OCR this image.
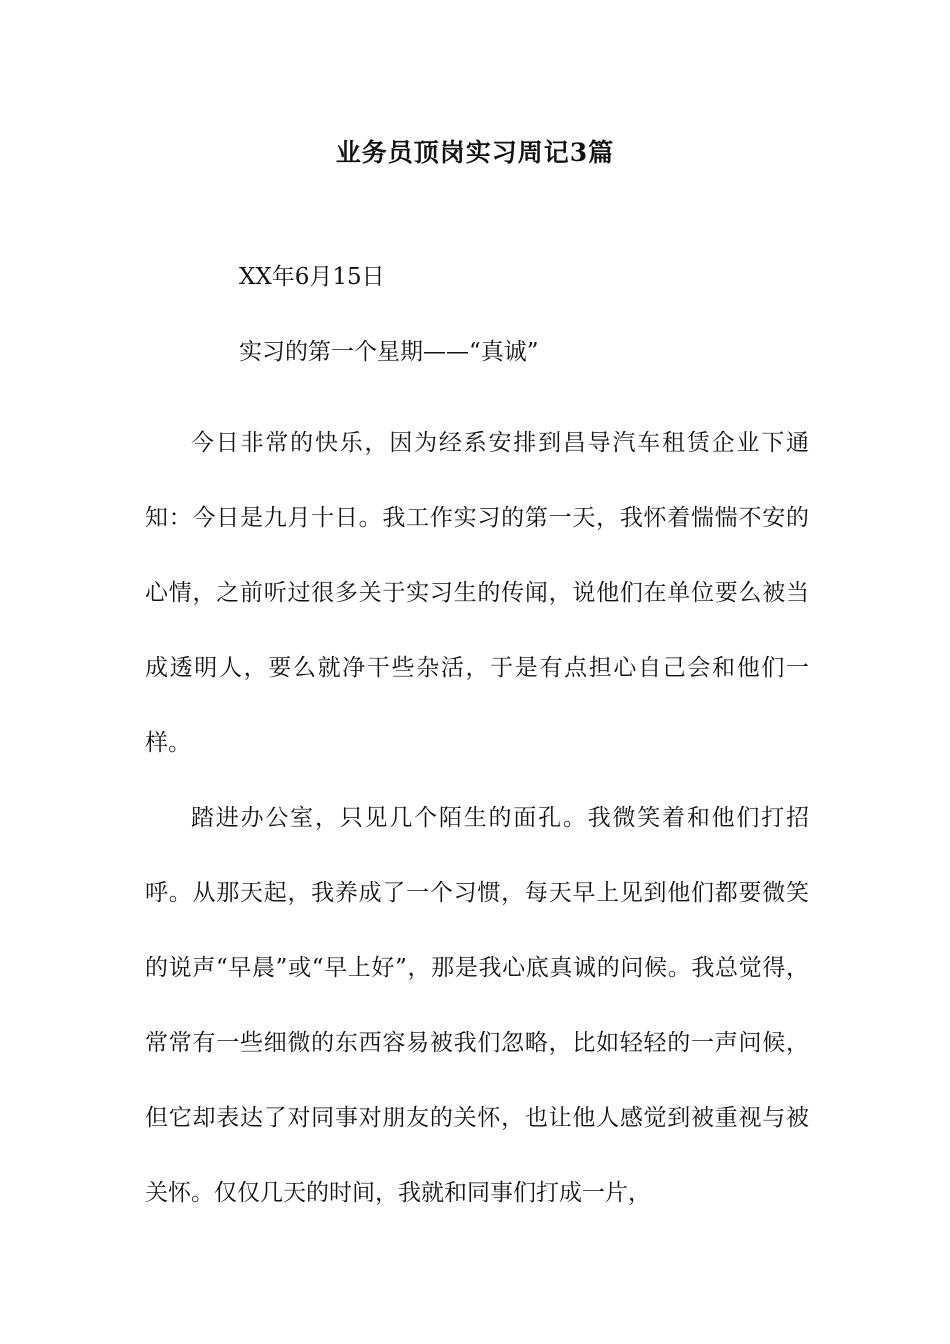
业务员顶岗实习周记3篇
XX年6月15日
实习的第一个星期——“真诚”

今日非常的快乐，因为经系安排到昌导汽车租赁企业下通知：今日是九月十日。我工作实习的第一天，我怀着惴惴不安的心情，之前听过很多关于实习生的传闻，说他们在单位要么被当成透明人，要么就净干些杂活，于是有点担心自己会和他们一样。

踏进办公室，只见几个陌生的面孔。我微笑着和他们打招呼。从那天起，我养成了一个习惯，每天早上见到他们都要微笑的说声“早晨”或“早上好”，那是我心底真诚的问候。我总觉得，常常有一些细微的东西容易被我们忽略，比如轻轻的一声问候，但它却表达了对同事对朋友的关怀，也让他人感觉到被重视与被关怀。仅仅几天的时间，我就和同事们打成一片，
